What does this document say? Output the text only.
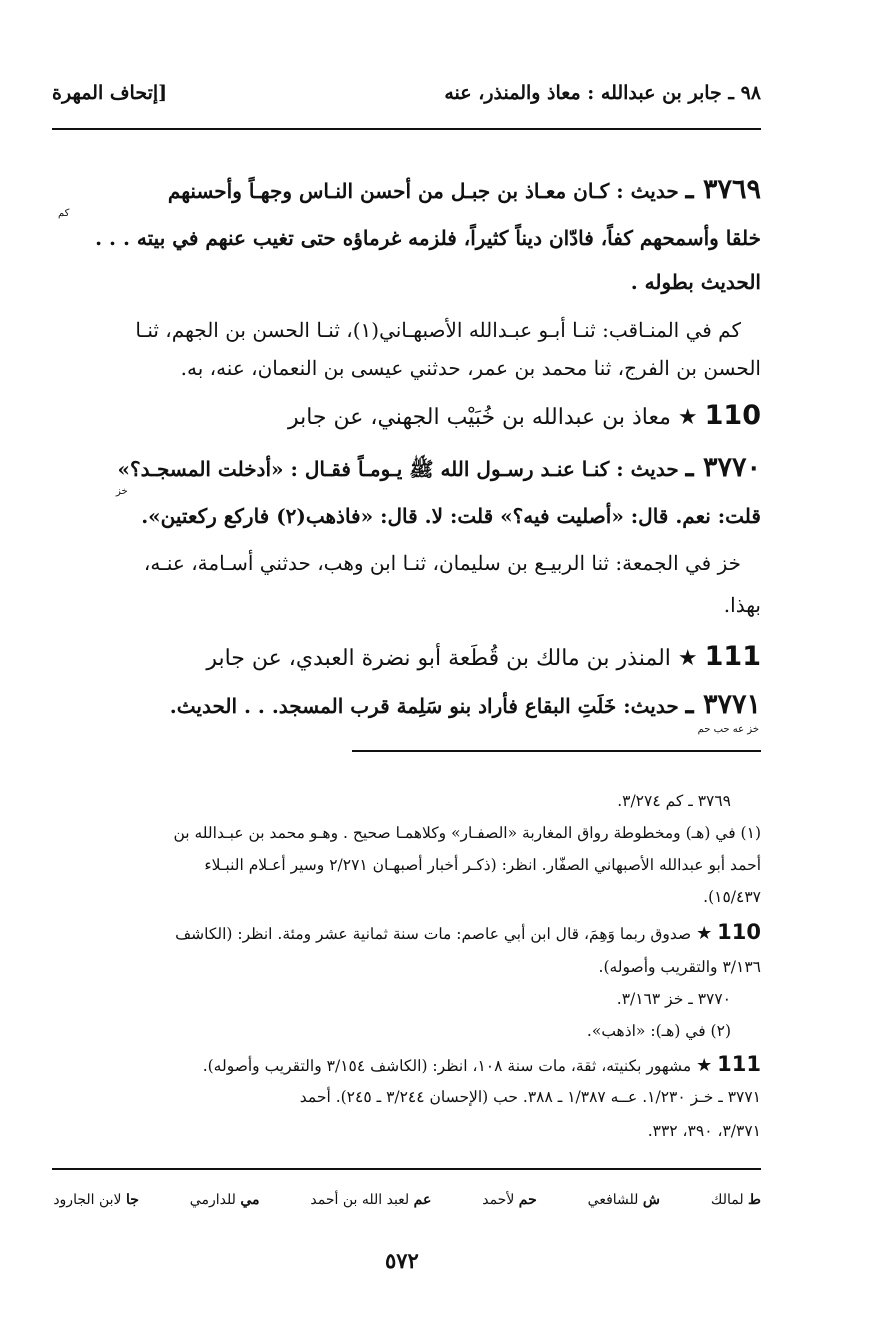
٩٨ ـ جابر بن عبدالله : معاذ والمنذر، عنه
[إتحاف المهرة
٣٧٦٩ ـ حديث : كـان معـاذ بن جبـل من أحسن النـاس وجهـاً وأحسنهم
كم
خلقا وأسمحهم كفاً، فادّان ديناً كثيراً، فلزمه غرماؤه حتى تغيب عنهم في بيته . . .
الحديث بطوله .
كم في المنـاقب: ثنـا أبـو عبـدالله الأصبهـاني(١)، ثنـا الحسن بن الجهم، ثنـا
الحسن بن الفرج، ثنا محمد بن عمر، حدثني عيسى بن النعمان، عنه، به.
110 ★ معاذ بن عبدالله بن خُبَيْب الجهني، عن جابر
٣٧٧٠ ـ حديث : كنـا عنـد رسـول الله ﷺ يـومـاً فقـال : «أدخلت المسجـد؟»
خز
قلت: نعم. قال: «أصليت فيه؟» قلت: لا. قال: «فاذهب(٢) فاركع ركعتين».
خز في الجمعة: ثنا الربيـع بن سليمان، ثنـا ابن وهب، حدثني أسـامة، عنـه،
بهذا.
111 ★ المنذر بن مالك بن قُطَعة أبو نضرة العبدي، عن جابر
٣٧٧١ ـ حديث: خَلَتِ البقاع فأراد بنو سَلِمة قرب المسجد. . . الحديث.
خز عه حب حم
٣٧٦٩ ـ كم ٣/٢٧٤.
(١) في (هـ) ومخطوطة رواق المغاربة «الصفـار» وكلاهمـا صحيح . وهـو محمد بن عبـدالله بن
أحمد أبو عبدالله الأصبهاني الصفّار. انظر: (ذكـر أخبار أصبهـان ٢/٢٧١ وسير أعـلام النبـلاء
١٥/٤٣٧).
110 ★ صدوق ربما وَهِمَ، قال ابن أبي عاصم: مات سنة ثمانية عشر ومئة. انظر: (الكاشف
٣/١٣٦ والتقريب وأصوله).
٣٧٧٠ ـ خز ٣/١٦٣.
(٢) في (هـ): «اذهب».
111 ★ مشهور بكنيته، ثقة، مات سنة ١٠٨، انظر: (الكاشف ٣/١٥٤ والتقريب وأصوله).
٣٧٧١ ـ خـز ١/٢٣٠. عــه ١/٣٨٧ ـ ٣٨٨. حب (الإحسان ٣/٢٤٤ ـ ٢٤٥). أحمد
٣/٣٧١، ٣٩٠، ٣٣٢.
ط لمالك  ش للشافعي  حم لأحمد  عم لعبد الله بن أحمد  مي للدارمي  جا لابن الجارود
٥٧٢
